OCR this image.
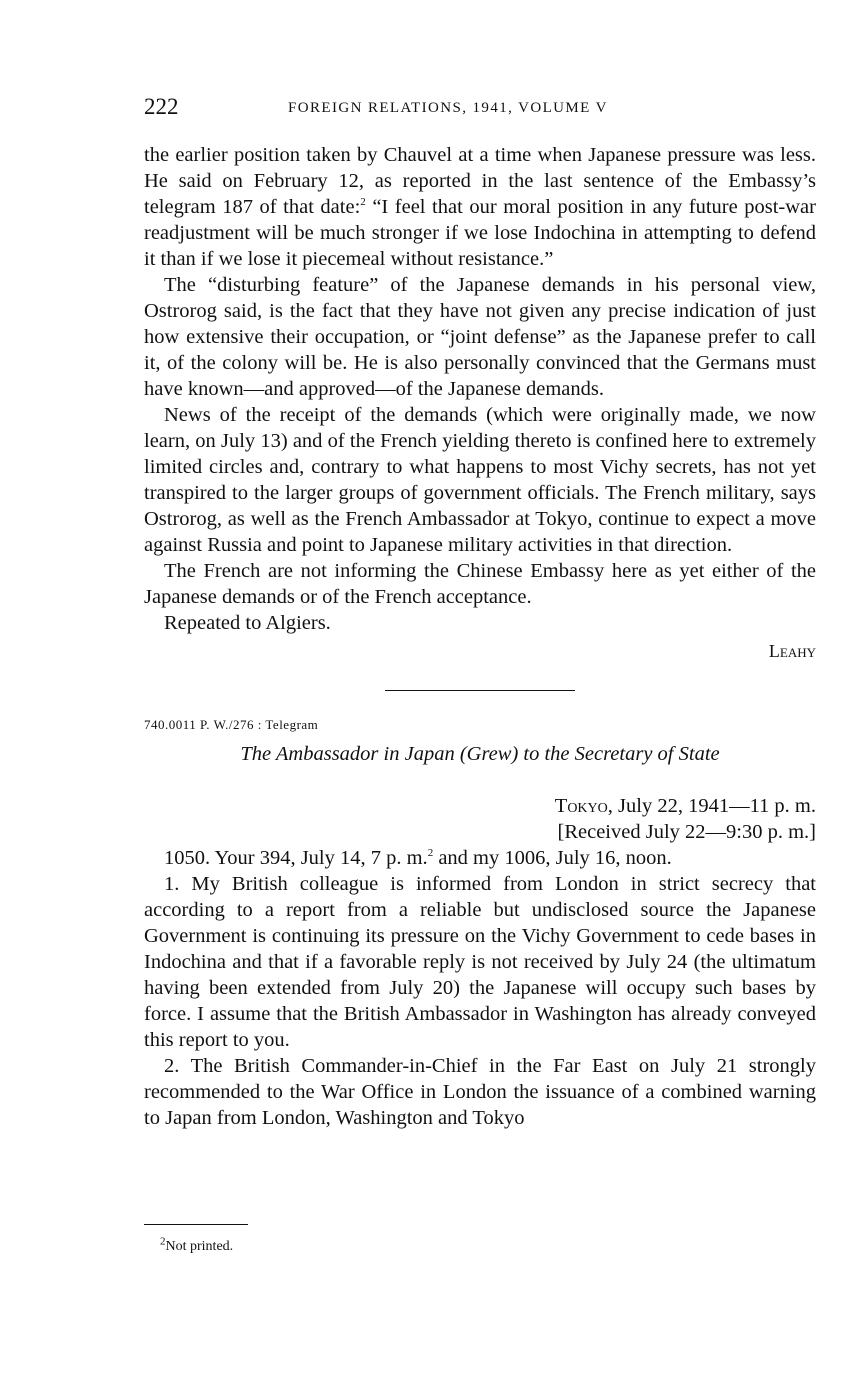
222	FOREIGN RELATIONS, 1941, VOLUME V

the earlier position taken by Chauvel at a time when Japanese pressure was less. He said on February 12, as reported in the last sentence of the Embassy’s telegram 187 of that date:$^2$ “I feel that our moral position in any future post-war readjustment will be much stronger if we lose Indochina in attempting to defend it than if we lose it piecemeal without resistance.”

The “disturbing feature” of the Japanese demands in his personal view, Ostrorog said, is the fact that they have not given any precise indication of just how extensive their occupation, or “joint defense” as the Japanese prefer to call it, of the colony will be. He is also personally convinced that the Germans must have known—and approved—of the Japanese demands.

News of the receipt of the demands (which were originally made, we now learn, on July 13) and of the French yielding thereto is confined here to extremely limited circles and, contrary to what happens to most Vichy secrets, has not yet transpired to the larger groups of government officials. The French military, says Ostrorog, as well as the French Ambassador at Tokyo, continue to expect a move against Russia and point to Japanese military activities in that direction.

The French are not informing the Chinese Embassy here as yet either of the Japanese demands or of the French acceptance.

Repeated to Algiers.

Leahy

740.0011 P. W./276 : Telegram

The Ambassador in Japan (Grew) to the Secretary of State

Tokyo, July 22, 1941—11 p. m.

[Received July 22—9:30 p. m.]

1050. Your 394, July 14, 7 p. m.$^2$ and my 1006, July 16, noon.

1. My British colleague is informed from London in strict secrecy that according to a report from a reliable but undisclosed source the Japanese Government is continuing its pressure on the Vichy Government to cede bases in Indochina and that if a favorable reply is not received by July 24 (the ultimatum having been extended from July 20) the Japanese will occupy such bases by force. I assume that the British Ambassador in Washington has already conveyed this report to you.

2. The British Commander-in-Chief in the Far East on July 21 strongly recommended to the War Office in London the issuance of a combined warning to Japan from London, Washington and Tokyo

$^2$Not printed.
